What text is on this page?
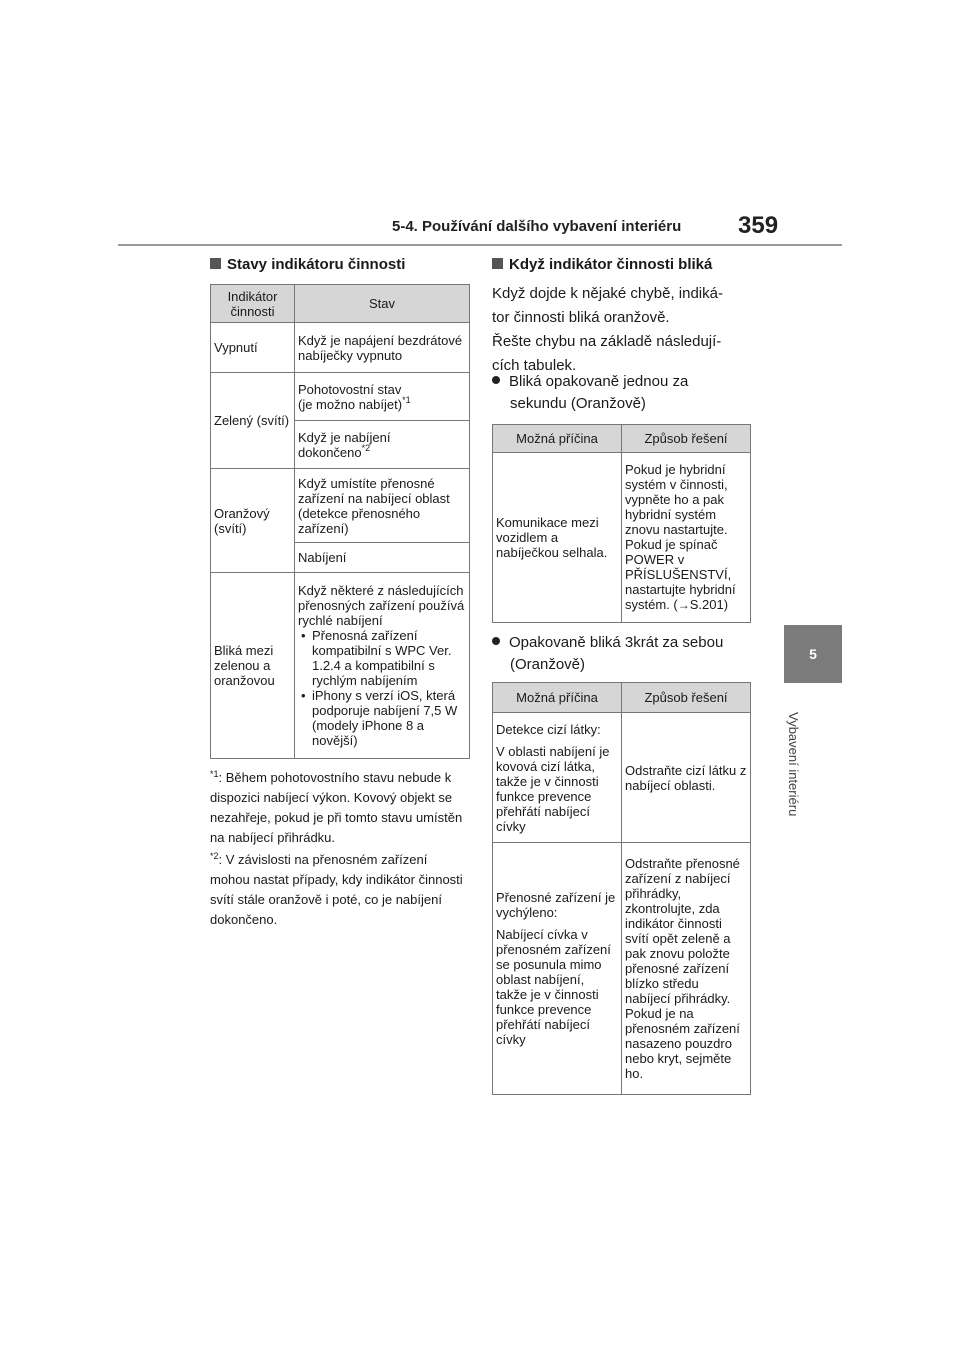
5-4. Používání dalšího vybavení interiéru 359
5
Vybavení interiéru
Stavy indikátoru činnosti
Indikátor činnosti	Stav
Vypnutí	Když je napájení bezdrátové nabíječky vypnuto
Zelený (svítí)	Pohotovostní stav
(je možno nabíjet)$^{*1}$

	Když je nabíjení dokončeno$^{*2}$
Oranžový (svítí)	Když umístíte přenosné zařízení na nabíjecí oblast (detekce přenosného zařízení)
	Nabíjení
Bliká mezi zelenou a oranžovou	Když některé z následujících přenosných zařízení používá rychlé nabíjení
• Přenosná zařízení kompatibilní s WPC Ver. 1.2.4 a kompatibilní s rychlým nabíjením
• iPhony s verzí iOS, která podporuje nabíjení 7,5 W (modely iPhone 8 a novější)
$^{*1}$: Během pohotovostního stavu nebude k dispozici nabíjecí výkon. Kovový objekt se nezahřeje, pokud je při tomto stavu umístěn na nabíjecí přihrádku.
$^{*2}$: V závislosti na přenosném zařízení mohou nastat případy, kdy indikátor činnosti svítí stále oranžově i poté, co je nabíjení dokončeno.
Když indikátor činnosti bliká
Když dojde k nějaké chybě, indiká-
tor činnosti bliká oranžově.
Řešte chybu na základě následují-
cích tabulek.
Bliká opakovaně jednou za
sekundu (Oranžově)
Možná příčina	Způsob řešení
Komunikace mezi vozidlem a nabíječkou selhala.	Pokud je hybridní systém v činnosti, vypněte ho a pak hybridní systém znovu nastartujte. Pokud je spínač POWER v PŘÍSLUŠENSTVÍ, nastartujte hybridní systém. (→S.201)
Opakovaně bliká 3krát za sebou
(Oranžově)
Možná příčina	Způsob řešení

Detekce cizí látky:
V oblasti nabíjení je kovová cizí látka, takže je v činnosti funkce prevence přehřátí nabíjecí cívky	Odstraňte cizí látku z nabíjecí oblasti.

Přenosné zařízení je vychýleno:
Nabíjecí cívka v přenosném zařízení se posunula mimo oblast nabíjení, takže je v činnosti funkce prevence přehřátí nabíjecí cívky	Odstraňte přenosné zařízení z nabíjecí přihrádky, zkontrolujte, zda indikátor činnosti svítí opět zeleně a pak znovu položte přenosné zařízení blízko středu nabíjecí přihrádky. Pokud je na přenosném zařízení nasazeno pouzdro nebo kryt, sejměte ho.
